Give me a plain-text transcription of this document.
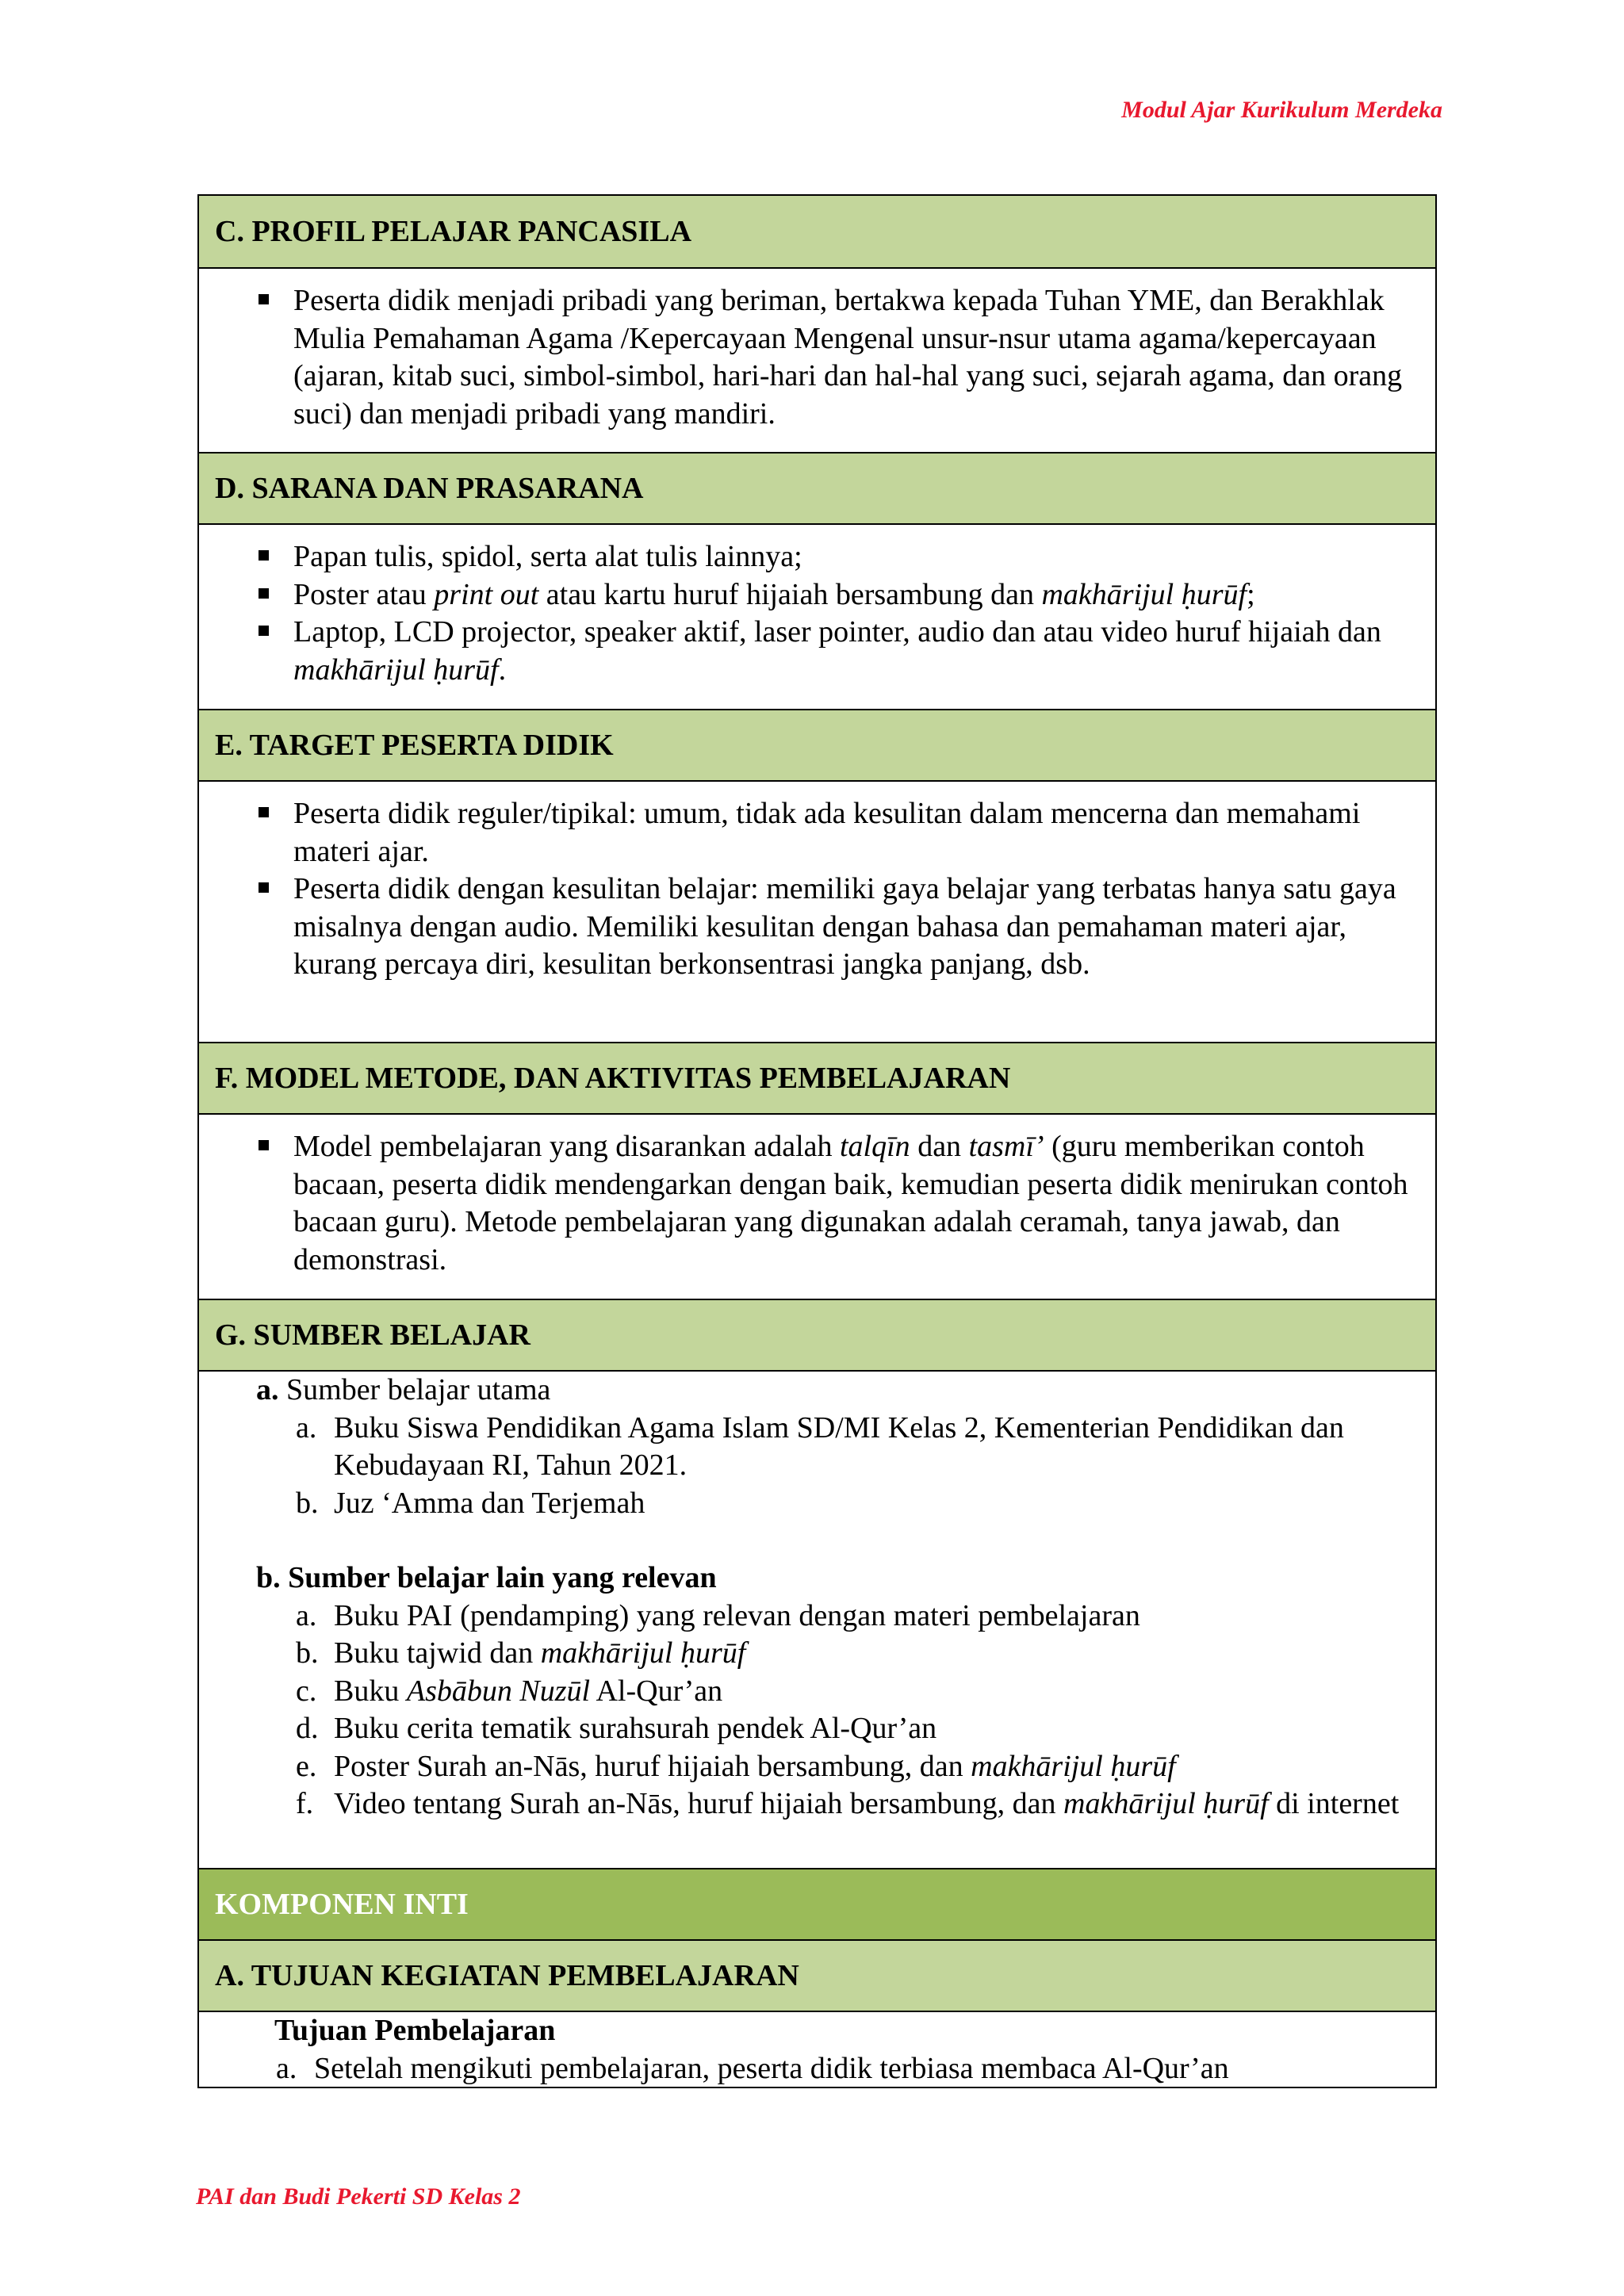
Modul Ajar Kurikulum Merdeka
C. PROFIL PELAJAR PANCASILA
Peserta didik menjadi pribadi yang beriman, bertakwa kepada Tuhan YME, dan Berakhlak Mulia Pemahaman Agama /Kepercayaan Mengenal unsur-nsur utama agama/kepercayaan (ajaran, kitab suci, simbol-simbol, hari-hari dan hal-hal yang suci, sejarah agama, dan orang suci) dan menjadi pribadi yang mandiri.
D. SARANA DAN PRASARANA
Papan tulis, spidol, serta alat tulis lainnya;
Poster atau print out atau kartu huruf hijaiah bersambung dan makhārijul ḥurūf;
Laptop, LCD projector, speaker aktif, laser pointer, audio dan atau video huruf hijaiah dan makhārijul ḥurūf.
E. TARGET PESERTA DIDIK
Peserta didik reguler/tipikal: umum, tidak ada kesulitan dalam mencerna dan memahami materi ajar.
Peserta didik dengan kesulitan belajar: memiliki gaya belajar yang terbatas hanya satu gaya misalnya dengan audio. Memiliki kesulitan dengan bahasa dan pemahaman materi ajar, kurang percaya diri, kesulitan berkonsentrasi jangka panjang, dsb.
F. MODEL METODE, DAN AKTIVITAS PEMBELAJARAN
Model pembelajaran yang disarankan adalah talqīn dan tasmī’ (guru memberikan contoh bacaan, peserta didik mendengarkan dengan baik, kemudian peserta didik menirukan contoh bacaan guru). Metode pembelajaran yang digunakan adalah ceramah, tanya jawab, dan demonstrasi.
G. SUMBER BELAJAR
a. Sumber belajar utama
a. Buku Siswa Pendidikan Agama Islam SD/MI Kelas 2, Kementerian Pendidikan dan Kebudayaan RI, Tahun 2021.
b. Juz ‘Amma dan Terjemah
b. Sumber belajar lain yang relevan
a. Buku PAI (pendamping) yang relevan dengan materi pembelajaran
b. Buku tajwid dan makhārijul ḥurūf
c. Buku Asbābun Nuzūl Al-Qur’an
d. Buku cerita tematik surahsurah pendek Al-Qur’an
e. Poster Surah an-Nās, huruf hijaiah bersambung, dan makhārijul ḥurūf
f. Video tentang Surah an-Nās, huruf hijaiah bersambung, dan makhārijul ḥurūf di internet
KOMPONEN INTI
A. TUJUAN KEGIATAN PEMBELAJARAN
Tujuan Pembelajaran
a. Setelah mengikuti pembelajaran, peserta didik terbiasa membaca Al-Qur’an
PAI dan Budi Pekerti SD Kelas 2
